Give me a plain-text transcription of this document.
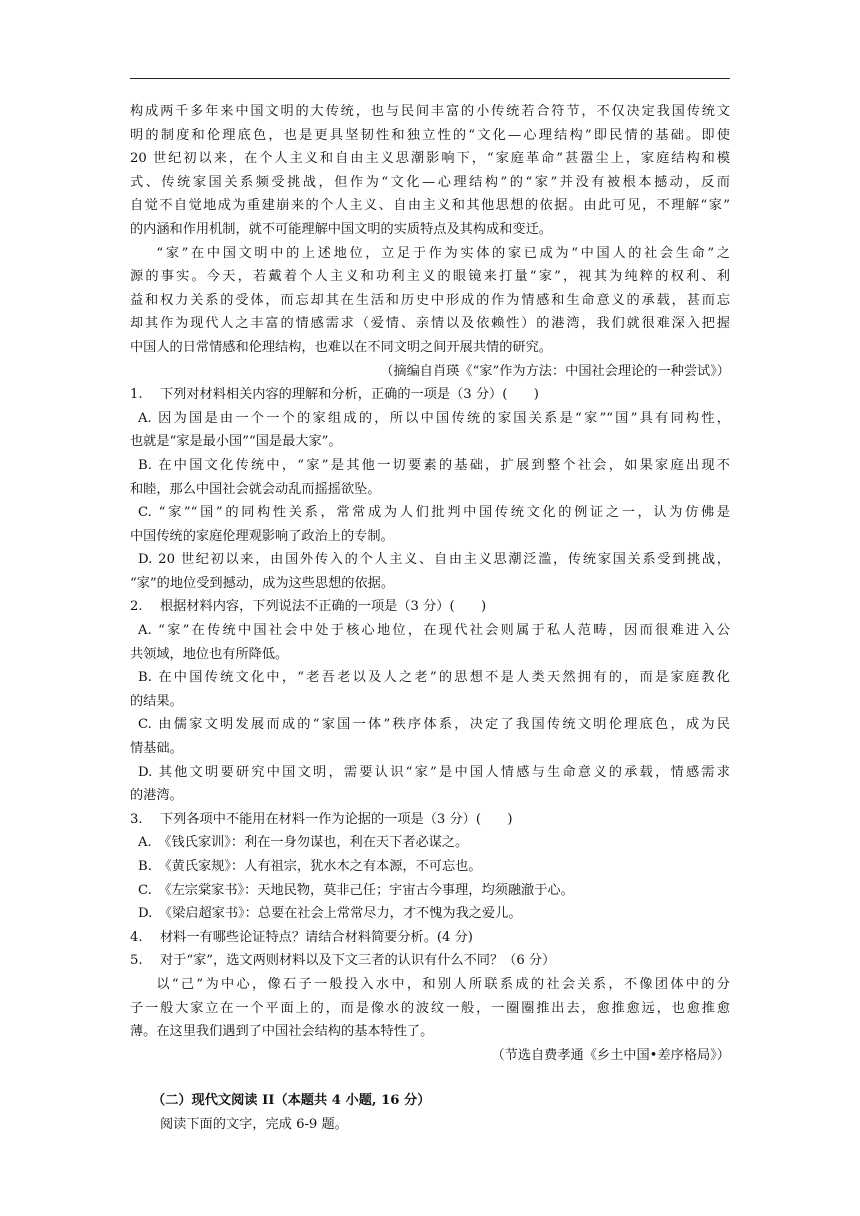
构成两千多年来中国文明的大传统，也与民间丰富的小传统若合符节，不仅决定我国传统文
明的制度和伦理底色，也是更具坚韧性和独立性的“文化—心理结构”即民情的基础。即使
20 世纪初以来，在个人主义和自由主义思潮影响下，“家庭革命”甚嚣尘上，家庭结构和模
式、传统家国关系频受挑战，但作为“文化—心理结构”的“家”并没有被根本撼动，反而
自觉不自觉地成为重建崩来的个人主义、自由主义和其他思想的依据。由此可见，不理解“家”
的内涵和作用机制，就不可能理解中国文明的实质特点及其构成和变迁。
“家”在中国文明中的上述地位，立足于作为实体的家已成为“中国人的社会生命”之
源的事实。今天，若戴着个人主义和功利主义的眼镜来打量“家”，视其为纯粹的权利、利
益和权力关系的受体，而忘却其在生活和历史中形成的作为情感和生命意义的承载，甚而忘
却其作为现代人之丰富的情感需求（爱情、亲情以及依赖性）的港湾，我们就很难深入把握
中国人的日常情感和伦理结构，也难以在不同文明之间开展共情的研究。
（摘编自肖瑛《“家”作为方法：中国社会理论的一种尝试》）
1.　 下列对材料相关内容的理解和分析，正确的一项是（3 分）(　　)
A. 因为国是由一个一个的家组成的，所以中国传统的家国关系是“家”“国”具有同构性，
也就是“家是最小国”“国是最大家”。
B. 在中国文化传统中，“家”是其他一切要素的基础，扩展到整个社会，如果家庭出现不
和睦，那么中国社会就会动乱而摇摇欲坠。
C. “家”“国”的同构性关系，常常成为人们批判中国传统文化的例证之一，认为仿佛是
中国传统的家庭伦理观影响了政治上的专制。
D. 20 世纪初以来，由国外传入的个人主义、自由主义思潮泛滥，传统家国关系受到挑战，
“家”的地位受到撼动，成为这些思想的依据。
2.　 根据材料内容，下列说法不正确的一项是（3 分）(　　)
A. “家”在传统中国社会中处于核心地位，在现代社会则属于私人范畴，因而很难进入公
共领域，地位也有所降低。
B. 在中国传统文化中，“老吾老以及人之老”的思想不是人类天然拥有的，而是家庭教化
的结果。
C. 由儒家文明发展而成的“家国一体”秩序体系，决定了我国传统文明伦理底色，成为民
情基础。
D. 其他文明要研究中国文明，需要认识“家”是中国人情感与生命意义的承载，情感需求
的港湾。
3.　 下列各项中不能用在材料一作为论据的一项是（3 分）(　　)
A.　《钱氏家训》：利在一身勿谋也，利在天下者必谋之。
B.　《黄氏家规》：人有祖宗，犹水木之有本源，不可忘也。
C.　《左宗棠家书》：天地民物，莫非己任；宇宙古今事理，均须融澈于心。
D.　《梁启超家书》：总要在社会上常常尽力，才不愧为我之爱儿。
4.　 材料一有哪些论证特点？请结合材料简要分析。(4 分)
5.　 对于“家”，选文两则材料以及下文三者的认识有什么不同？（6 分）
以“己”为中心，像石子一般投入水中，和别人所联系成的社会关系，不像团体中的分
子一般大家立在一个平面上的，而是像水的波纹一般，一圈圈推出去，愈推愈远，也愈推愈
薄。在这里我们遇到了中国社会结构的基本特性了。
（节选自费孝通《乡土中国•差序格局》）
（二）现代文阅读 II（本题共 4 小题, 16 分）
阅读下面的文字，完成 6-9 题。
